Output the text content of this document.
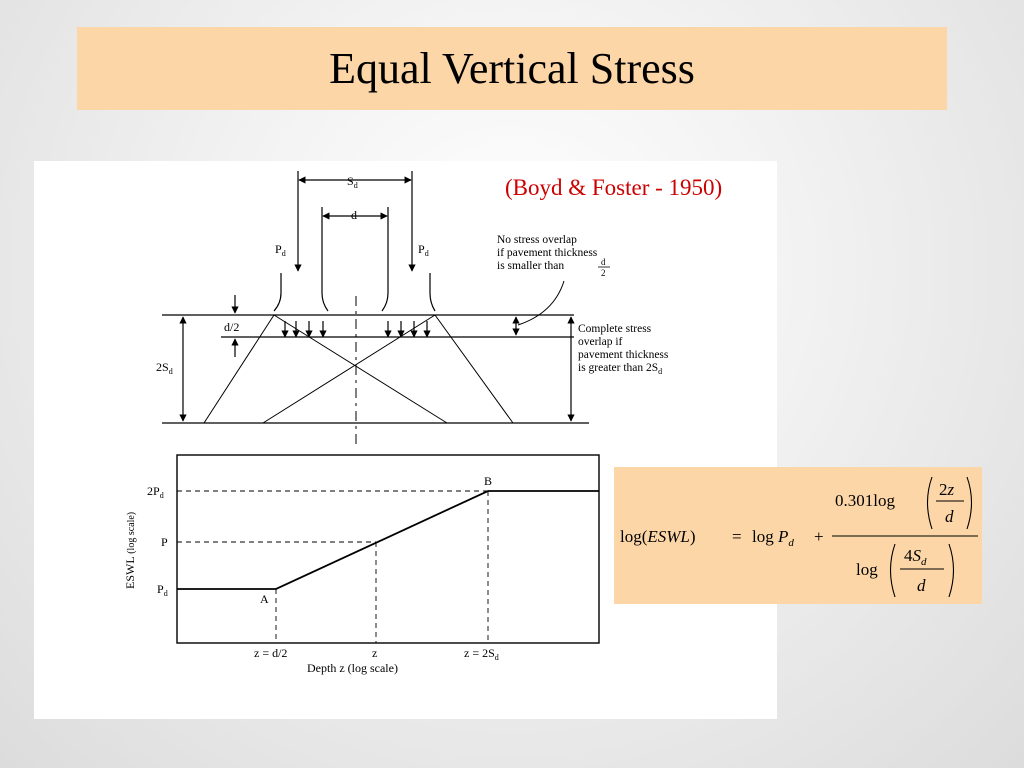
Equal Vertical Stress
$S_d$
d
$P_d$	$P_d$
d/2
$2S_d$
No stress overlap
if pavement thickness
is smaller than	d
2
Complete stress
overlap if
pavement thickness
is greater than $2S_d$
ESWL (log scale)
$2P_d$
P
$P_d$	A
B
z = d/2	z	$z = 2S_d$
Depth z (log scale)
(Boyd & Foster - 1950)
log(ESWL) = $\log P_d$ +
0.301log
2z
d
log
$4S_d$
d
